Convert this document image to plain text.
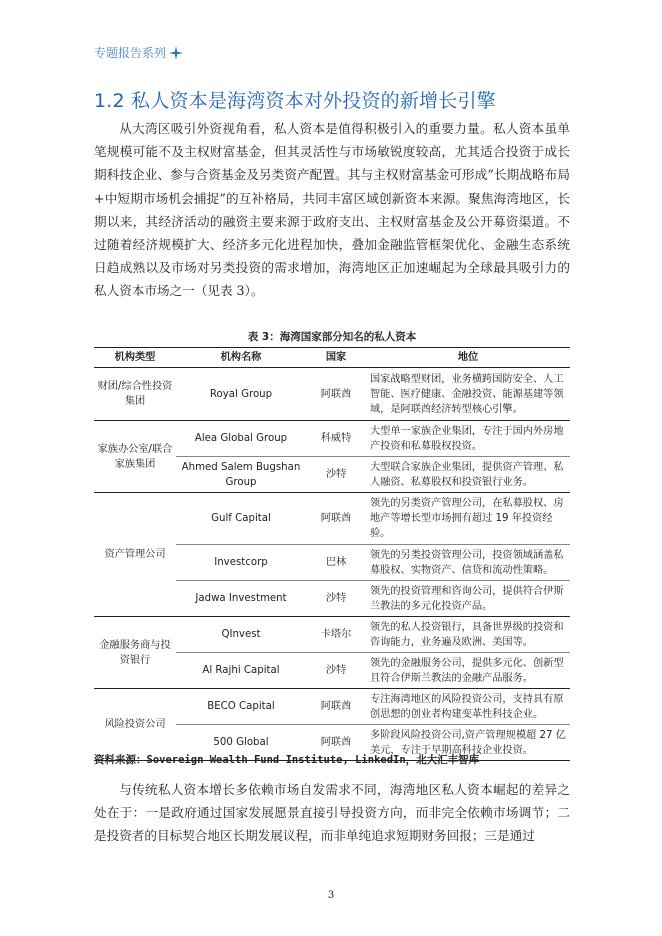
专题报告系列
1.2 私人资本是海湾资本对外投资的新增长引擎

从大湾区吸引外资视角看，私人资本是值得积极引入的重要力量。私人资本虽单笔规模可能不及主权财富基金，但其灵活性与市场敏锐度较高，尤其适合投资于成长期科技企业、参与合资基金及另类资产配置。其与主权财富基金可形成“长期战略布局+中短期市场机会捕捉”的互补格局，共同丰富区域创新资本来源。聚焦海湾地区，长期以来，其经济活动的融资主要来源于政府支出、主权财富基金及公开募资渠道。不过随着经济规模扩大、经济多元化进程加快，叠加金融监管框架优化、金融生态系统日趋成熟以及市场对另类投资的需求增加，海湾地区正加速崛起为全球最具吸引力的私人资本市场之一（见表 3）。

表 3：海湾国家部分知名的私人资本
机构类型	机构名称	国家	地位
财团/综合性投资集团	Royal Group	阿联酋	国家战略型财团，业务横跨国防安全、人工智能、医疗健康、金融投资、能源基建等领域，是阿联酋经济转型核心引擎。
家族办公室/联合家族集团	Alea Global Group	科威特	大型单一家族企业集团，专注于国内外房地产投资和私募股权投资。
	Ahmed Salem Bugshan Group	沙特	大型联合家族企业集团，提供资产管理、私人融资、私募股权和投资银行业务。
资产管理公司	Gulf Capital	阿联酋	领先的另类资产管理公司，在私募股权、房地产等增长型市场拥有超过 19 年投资经验。
	Investcorp	巴林	领先的另类投资管理公司，投资领域涵盖私募股权、实物资产、信贷和流动性策略。
	Jadwa Investment	沙特	领先的投资管理和咨询公司，提供符合伊斯兰教法的多元化投资产品。
金融服务商与投资银行	QInvest	卡塔尔	领先的私人投资银行，具备世界级的投资和咨询能力，业务遍及欧洲、美国等。
	Al Rajhi Capital	沙特	领先的金融服务公司，提供多元化、创新型且符合伊斯兰教法的金融产品服务。
风险投资公司	BECO Capital	阿联酋	专注海湾地区的风险投资公司，支持具有原创思想的创业者构建变革性科技企业。
	500 Global	阿联酋	多阶段风险投资公司,资产管理规模超 27 亿美元，专注于早期高科技企业投资。
资料来源：Sovereign Wealth Fund Institute, LinkedIn，北大汇丰智库

与传统私人资本增长多依赖市场自发需求不同，海湾地区私人资本崛起的差异之处在于：一是政府通过国家发展愿景直接引导投资方向，而非完全依赖市场调节；二是投资者的目标契合地区长期发展议程，而非单纯追求短期财务回报；三是通过

3
